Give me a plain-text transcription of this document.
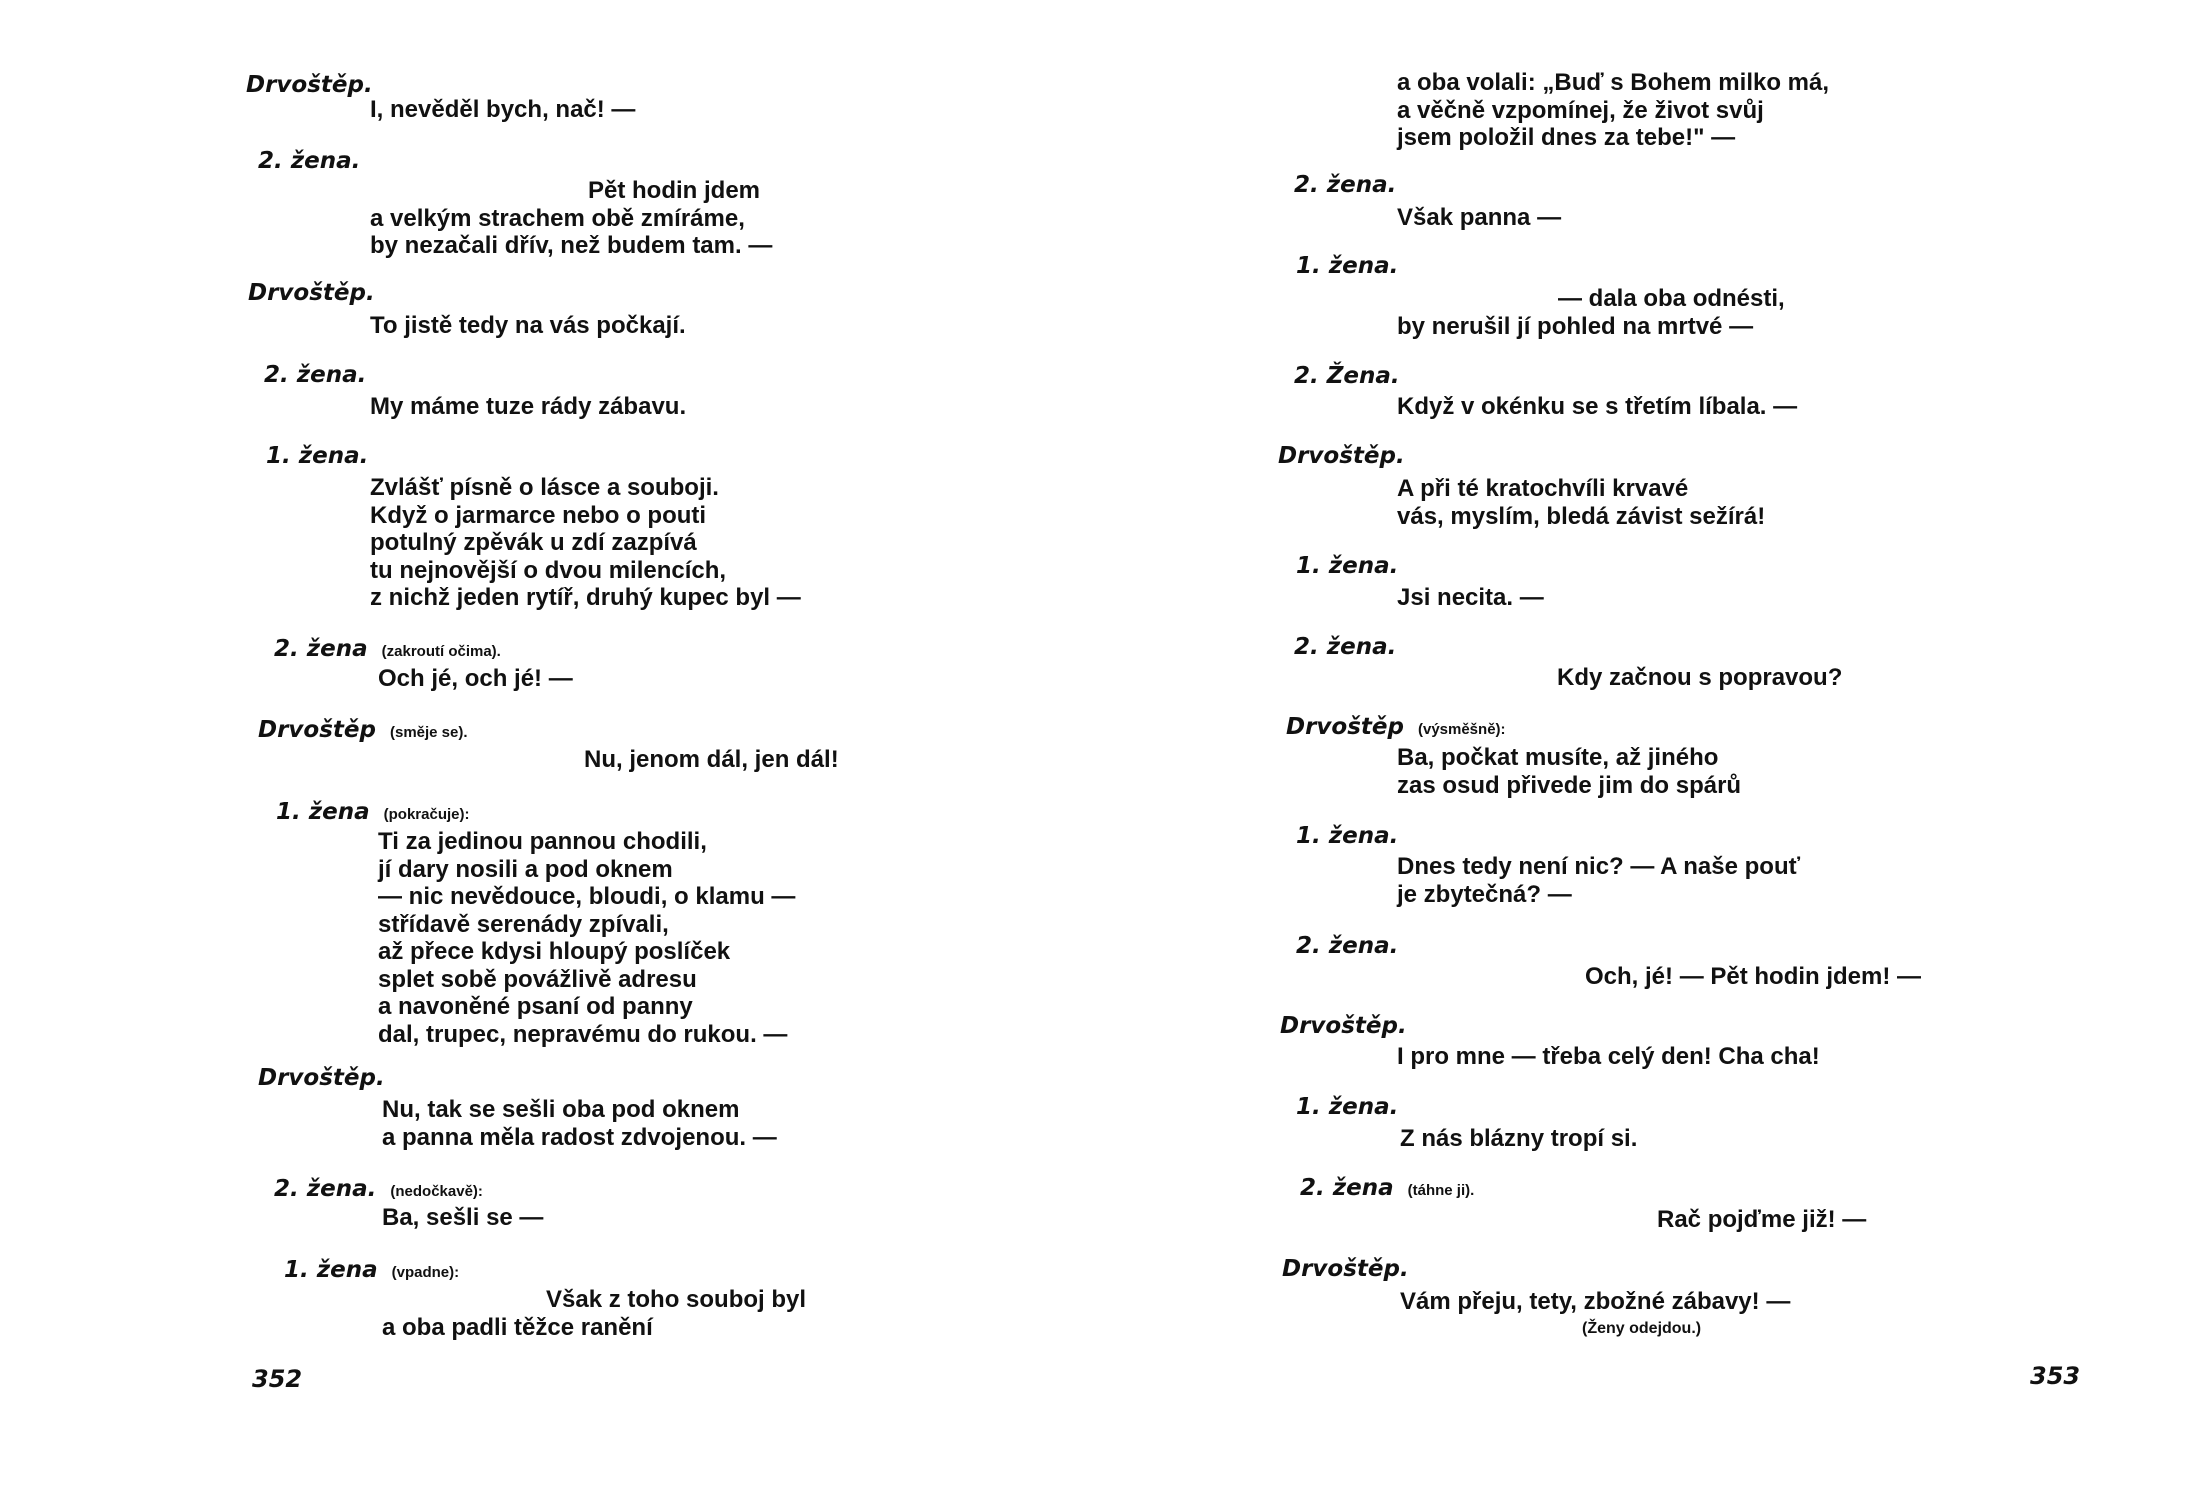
Drvoštěp.
I, nevěděl bych, nač! —
2. žena.
Pět hodin jdem
a velkým strachem obě zmíráme,
by nezačali dřív, než budem tam. —
Drvoštěp.
To jistě tedy na vás počkají.
2. žena.
My máme tuze rády zábavu.
1. žena.
Zvlášť písně o lásce a souboji.
Když o jarmarce nebo o pouti
potulný zpěvák u zdí zazpívá
tu nejnovější o dvou milencích,
z nichž jeden rytíř, druhý kupec byl —
2. žena (zakroutí očima).
Och jé, och jé! —
Drvoštěp (směje se).
Nu, jenom dál, jen dál!
1. žena (pokračuje):
Ti za jedinou pannou chodili,
jí dary nosili a pod oknem
— nic nevědouce, bloudi, o klamu —
střídavě serenády zpívali,
až přece kdysi hloupý poslíček
splet sobě povážlivě adresu
a navoněné psaní od panny
dal, trupec, nepravému do rukou. —
Drvoštěp.
Nu, tak se sešli oba pod oknem
a panna měla radost zdvojenou. —
2. žena. (nedočkavě):
Ba, sešli se —
1. žena (vpadne):
Však z toho souboj byl
a oba padli těžce ranění
352
a oba volali: „Buď s Bohem milko má,
a věčně vzpomínej, že život svůj
jsem položil dnes za tebe!" —
2. žena.
Však panna —
1. žena.
— dala oba odnésti,
by nerušil jí pohled na mrtvé —
2. Žena.
Když v okénku se s třetím líbala. —
Drvoštěp.
A při té kratochvíli krvavé
vás, myslím, bledá závist sežírá!
1. žena.
Jsi necita. —
2. žena.
Kdy začnou s popravou?
Drvoštěp (výsměšně):
Ba, počkat musíte, až jiného
zas osud přivede jim do spárů
1. žena.
Dnes tedy není nic? — A naše pouť
je zbytečná? —
2. žena.
Och, jé! — Pět hodin jdem! —
Drvoštěp.
I pro mne — třeba celý den! Cha cha!
1. žena.
Z nás blázny tropí si.
2. žena (táhne ji).
Rač pojďme již! —
Drvoštěp.
Vám přeju, tety, zbožné zábavy! —
(Ženy odejdou.)
353
